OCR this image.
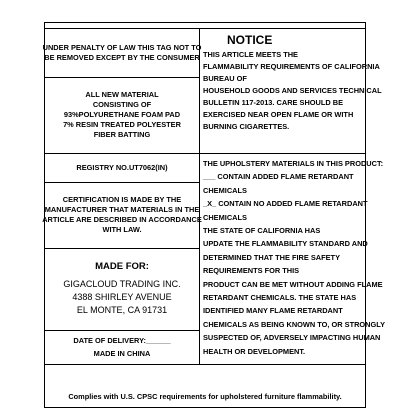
UNDER PENALTY OF LAW THIS TAG NOT TO
BE REMOVED EXCEPT BY THE CONSUMER
ALL NEW MATERIAL
CONSISTING OF
93%POLYURETHANE FOAM PAD
7% RESIN TREATED POLYESTER
FIBER BATTING
REGISTRY NO.UT7062(IN)
CERTIFICATION IS MADE BY THE
MANUFACTURER THAT MATERIALS IN THE
ARTICLE ARE DESCRIBED IN ACCORDANCE
WITH LAW.
MADE FOR:
GIGACLOUD TRADING INC.
4388 SHIRLEY AVENUE
EL MONTE, CA 91731
DATE OF DELIVERY:______
MADE IN CHINA
NOTICE
THIS ARTICLE MEETS THE
FLAMMABILITY REQUIREMENTS OF CALIFORNIA
BUREAU OF
HOUSEHOLD GOODS AND SERVICES TECHNICAL
BULLETIN 117-2013. CARE SHOULD BE
EXERCISED NEAR OPEN FLAME OR WITH
BURNING CIGARETTES.
THE UPHOLSTERY MATERIALS IN THIS PRODUCT:
___ CONTAIN ADDED FLAME RETARDANT
CHEMICALS
_X_ CONTAIN NO ADDED FLAME RETARDANT
CHEMICALS
THE STATE OF CALIFORNIA HAS
UPDATE THE FLAMMABILITY STANDARD AND
DETERMINED THAT THE FIRE SAFETY
REQUIREMENTS FOR THIS
PRODUCT CAN BE MET WITHOUT ADDING FLAME
RETARDANT CHEMICALS. THE STATE HAS
IDENTIFIED MANY FLAME RETARDANT
CHEMICALS AS BEING KNOWN TO, OR STRONGLY
SUSPECTED OF, ADVERSELY IMPACTING HUMAN
HEALTH OR DEVELOPMENT.
Complies with U.S. CPSC requirements for upholstered furniture flammability.
